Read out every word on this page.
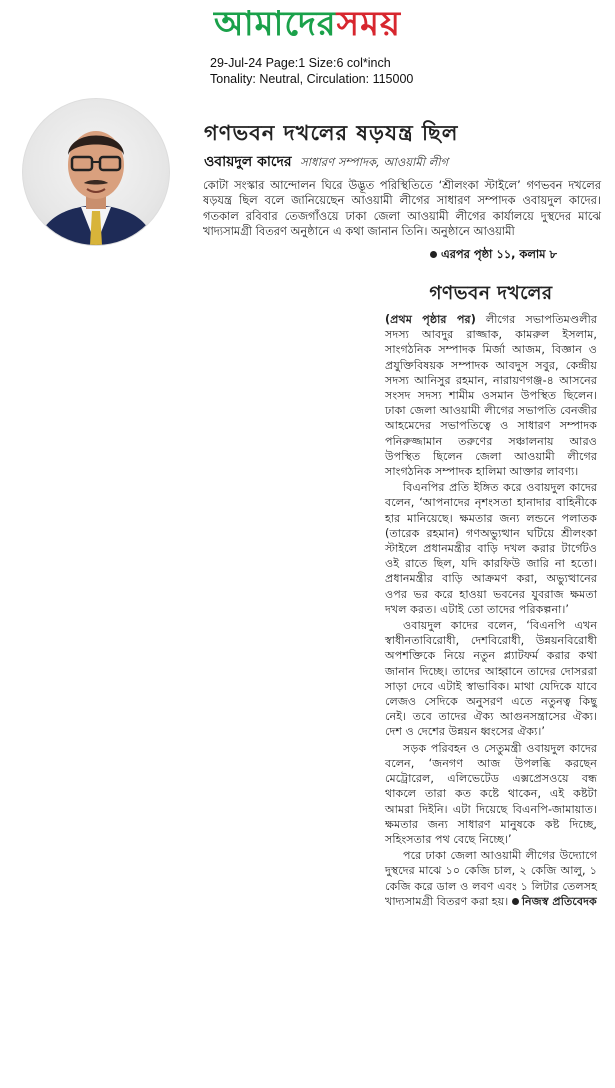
আমাদেরসময়
29-Jul-24 Page:1 Size:6 col*inch
Tonality: Neutral, Circulation: 115000
গণভবন দখলের ষড়যন্ত্র ছিল
ওবায়দুল কাদের সাধারণ সম্পাদক, আওয়ামী লীগ
কোটা সংস্কার আন্দোলন ঘিরে উদ্ভূত পরিস্থিতিতে ‘শ্রীলংকা স্টাইলে’ গণভবন দখলের ষড়যন্ত্র ছিল বলে জানিয়েছেন আওয়ামী লীগের সাধারণ সম্পাদক ওবায়দুল কাদের। গতকাল রবিবার তেজগাঁওয়ে ঢাকা জেলা আওয়ামী লীগের কার্যালয়ে দুস্থদের মাঝে খাদ্যসামগ্রী বিতরণ অনুষ্ঠানে এ কথা জানান তিনি। অনুষ্ঠানে আওয়ামী
এরপর পৃষ্ঠা ১১, কলাম ৮
গণভবন দখলের

(প্রথম পৃষ্ঠার পর) লীগের সভাপতিমণ্ডলীর সদস্য আবদুর রাজ্জাক, কামরুল ইসলাম, সাংগঠনিক সম্পাদক মির্জা আজম, বিজ্ঞান ও প্রযুক্তিবিষয়ক সম্পাদক আবদুস সবুর, কেন্দ্রীয় সদস্য আনিসুর রহমান, নারায়ণগঞ্জ-৪ আসনের সংসদ সদস্য শামীম ওসমান উপস্থিত ছিলেন। ঢাকা জেলা আওয়ামী লীগের সভাপতি বেনজীর আহমেদের সভাপতিত্বে ও সাধারণ সম্পাদক পনিরুজ্জামান তরুণের সঞ্চালনায় আরও উপস্থিত ছিলেন জেলা আওয়ামী লীগের সাংগঠনিক সম্পাদক হালিমা আক্তার লাবণ্য।

বিএনপির প্রতি ইঙ্গিত করে ওবায়দুল কাদের বলেন, ‘আপনাদের নৃশংসতা হানাদার বাহিনীকে হার মানিয়েছে। ক্ষমতার জন্য লন্ডনে পলাতক (তারেক রহমান) গণঅভ্যুত্থান ঘটিয়ে শ্রীলংকা স্টাইলে প্রধানমন্ত্রীর বাড়ি দখল করার টার্গেটও ওই রাতে ছিল, যদি কারফিউ জারি না হতো। প্রধানমন্ত্রীর বাড়ি আক্রমণ করা, অভ্যুত্থানের ওপর ভর করে হাওয়া ভবনের যুবরাজ ক্ষমতা দখল করত। এটাই তো তাদের পরিকল্পনা।’

ওবায়দুল কাদের বলেন, ‘বিএনপি এখন স্বাধীনতাবিরোধী, দেশবিরোধী, উন্নয়নবিরোধী অপশক্তিকে নিয়ে নতুন প্ল্যাটফর্ম করার কথা জানান দিচ্ছে। তাদের আহ্বানে তাদের দোসররা সাড়া দেবে এটাই স্বাভাবিক। মাথা যেদিকে যাবে লেজও সেদিকে অনুসরণ এতে নতুনত্ব কিছু নেই। তবে তাদের ঐক্য আগুনসন্ত্রাসের ঐক্য। দেশ ও দেশের উন্নয়ন ধ্বংসের ঐক্য।’

সড়ক পরিবহন ও সেতুমন্ত্রী ওবায়দুল কাদের বলেন, ‘জনগণ আজ উপলব্ধি করছেন মেট্রোরেল, এলিভেটেড এক্সপ্রেসওয়ে বন্ধ থাকলে তারা কত কষ্টে থাকেন, এই কষ্টটা আমরা দিইনি। এটা দিয়েছে বিএনপি-জামায়াত। ক্ষমতার জন্য সাধারণ মানুষকে কষ্ট দিচ্ছে, সহিংসতার পথ বেছে নিচ্ছে।’

পরে ঢাকা জেলা আওয়ামী লীগের উদ্যোগে দুস্থদের মাঝে ১০ কেজি চাল, ২ কেজি আলু, ১ কেজি করে ডাল ও লবণ এবং ১ লিটার তেলসহ খাদ্যসামগ্রী বিতরণ করা হয়। নিজস্ব প্রতিবেদক
